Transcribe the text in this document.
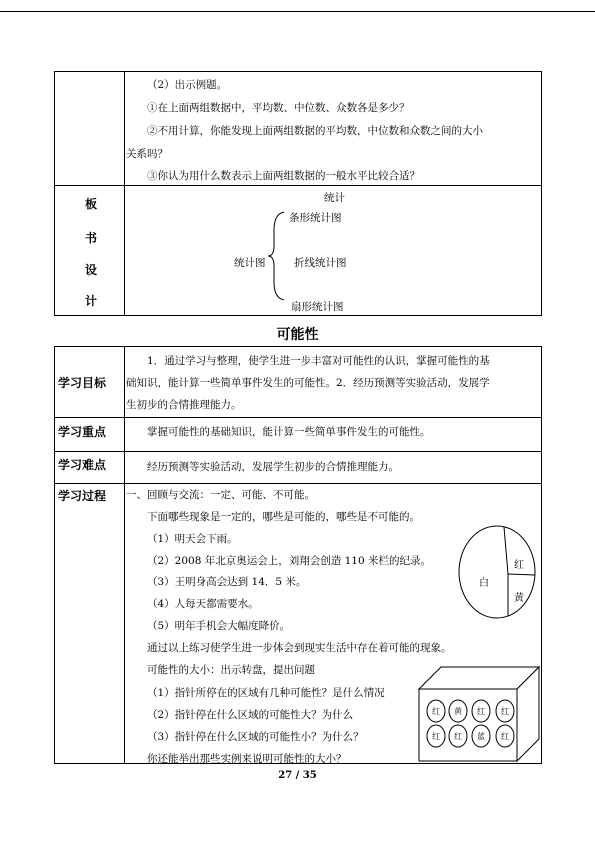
（2）出示例题。
①在上面两组数据中，平均数、中位数、众数各是多少？
②不用计算，你能发现上面两组数据的平均数，中位数和众数之间的大小
关系吗？
③你认为用什么数表示上面两组数据的一般水平比较合适？
板
书
设
计
统计
统计图
条形统计图
折线统计图
扇形统计图
可能性
学习目标
1．通过学习与整理，使学生进一步丰富对可能性的认识，掌握可能性的基
础知识，能计算一些简单事件发生的可能性。2．经历预测等实验活动，发展学
生初步的合情推理能力。
学习重点	掌握可能性的基础知识，能计算一些简单事件发生的可能性。
学习难点	经历预测等实验活动，发展学生初步的合情推理能力。
学习过程 一、回顾与交流：一定、可能、不可能。
下面哪些现象是一定的，哪些是可能的，哪些是不可能的。
（1）明天会下雨。
（2）2008 年北京奥运会上，刘翔会创造 110 米栏的纪录。
（3）王明身高会达到 14．5 米。
（4）人每天都需要水。
（5）明年手机会大幅度降价。
通过以上练习使学生进一步体会到现实生活中存在着可能的现象。
可能性的大小：出示转盘，提出问题
（1）指针所停在的区域有几种可能性？是什么情况
（2）指针停在什么区域的可能性大？为什么
（3）指针停在什么区域的可能性小？为什么？
你还能举出那些实例来说明可能性的大小？
白
红
黄
红 黄 红 红
红 红 蓝 红
27 / 35
